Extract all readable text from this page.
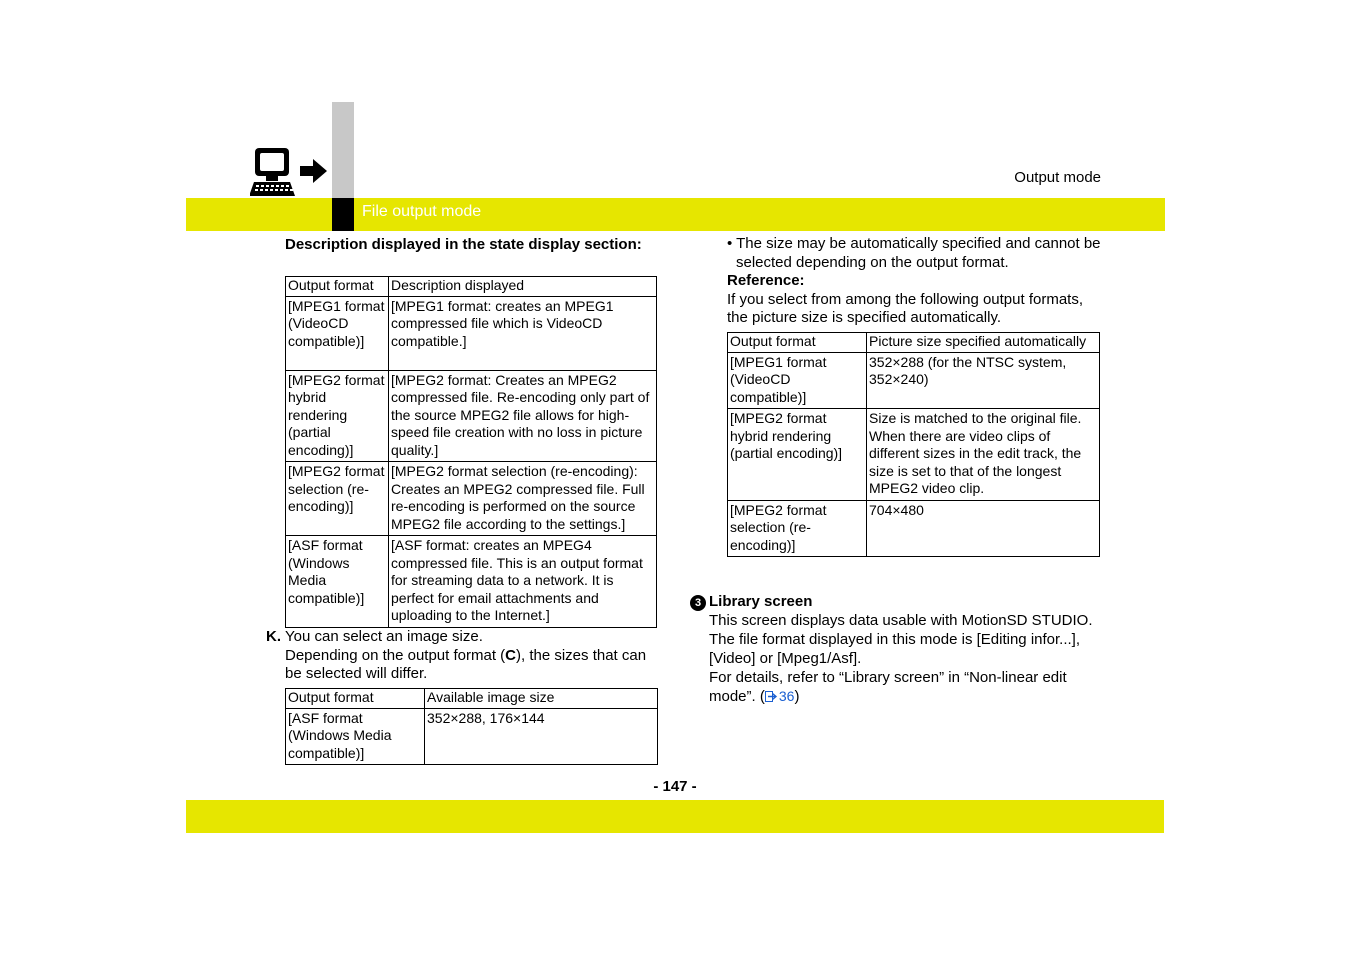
File output mode
Output mode
Description displayed in the state display section:
Output format	Description displayed
[MPEG1 format (VideoCD compatible)]	[MPEG1 format: creates an MPEG1 compressed file which is VideoCD compatible.]
[MPEG2 format hybrid rendering (partial encoding)]	[MPEG2 format: Creates an MPEG2 compressed file. Re-encoding only part of the source MPEG2 file allows for high-speed file creation with no loss in picture quality.]
[MPEG2 format selection (re-encoding)]	[MPEG2 format selection (re-encoding): Creates an MPEG2 compressed file. Full re-encoding is performed on the source MPEG2 file according to the settings.]
[ASF format (Windows Media compatible)]	[ASF format: creates an MPEG4 compressed file. This is an output format for streaming data to a network. It is perfect for email attachments and uploading to the Internet.]
K. You can select an image size.
Depending on the output format (C), the sizes that can be selected will differ.
Output format	Available image size
[ASF format (Windows Media compatible)]	352×288, 176×144
• The size may be automatically specified and cannot be selected depending on the output format.
Reference:
If you select from among the following output formats, the picture size is specified automatically.
Output format	Picture size specified automatically
[MPEG1 format (VideoCD compatible)]	352×288 (for the NTSC system, 352×240)
[MPEG2 format hybrid rendering (partial encoding)]	Size is matched to the original file. When there are video clips of different sizes in the edit track, the size is set to that of the longest MPEG2 video clip.
[MPEG2 format selection (re-encoding)]	704×480
3 Library screen
This screen displays data usable with MotionSD STUDIO.
The file format displayed in this mode is [Editing infor...], [Video] or [Mpeg1/Asf].
For details, refer to “Library screen” in “Non-linear edit mode”. ( 36)
- 147 -
